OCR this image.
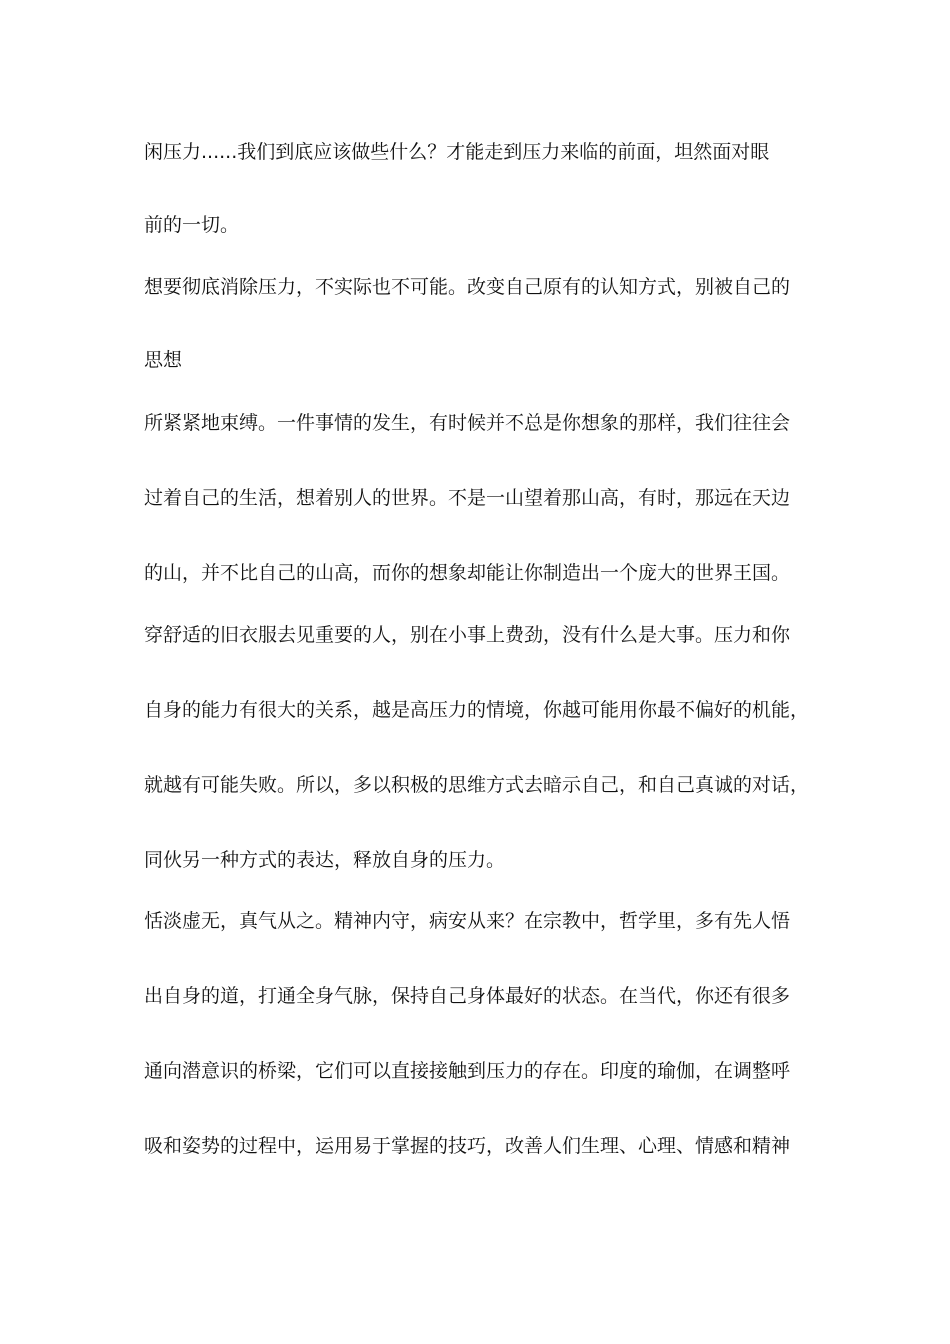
闲压力......我们到底应该做些什么？才能走到压力来临的前面，坦然面对眼
前的一切。
想要彻底消除压力，不实际也不可能。改变自己原有的认知方式，别被自己的
思想
所紧紧地束缚。一件事情的发生，有时候并不总是你想象的那样，我们往往会
过着自己的生活，想着别人的世界。不是一山望着那山高，有时，那远在天边
的山，并不比自己的山高，而你的想象却能让你制造出一个庞大的世界王国。
穿舒适的旧衣服去见重要的人，别在小事上费劲，没有什么是大事。压力和你
自身的能力有很大的关系，越是高压力的情境，你越可能用你最不偏好的机能，
就越有可能失败。所以，多以积极的思维方式去暗示自己，和自己真诚的对话，
同伙另一种方式的表达，释放自身的压力。
恬淡虚无，真气从之。精神内守，病安从来？在宗教中，哲学里，多有先人悟
出自身的道，打通全身气脉，保持自己身体最好的状态。在当代，你还有很多
通向潜意识的桥梁，它们可以直接接触到压力的存在。印度的瑜伽，在调整呼
吸和姿势的过程中，运用易于掌握的技巧，改善人们生理、心理、情感和精神
